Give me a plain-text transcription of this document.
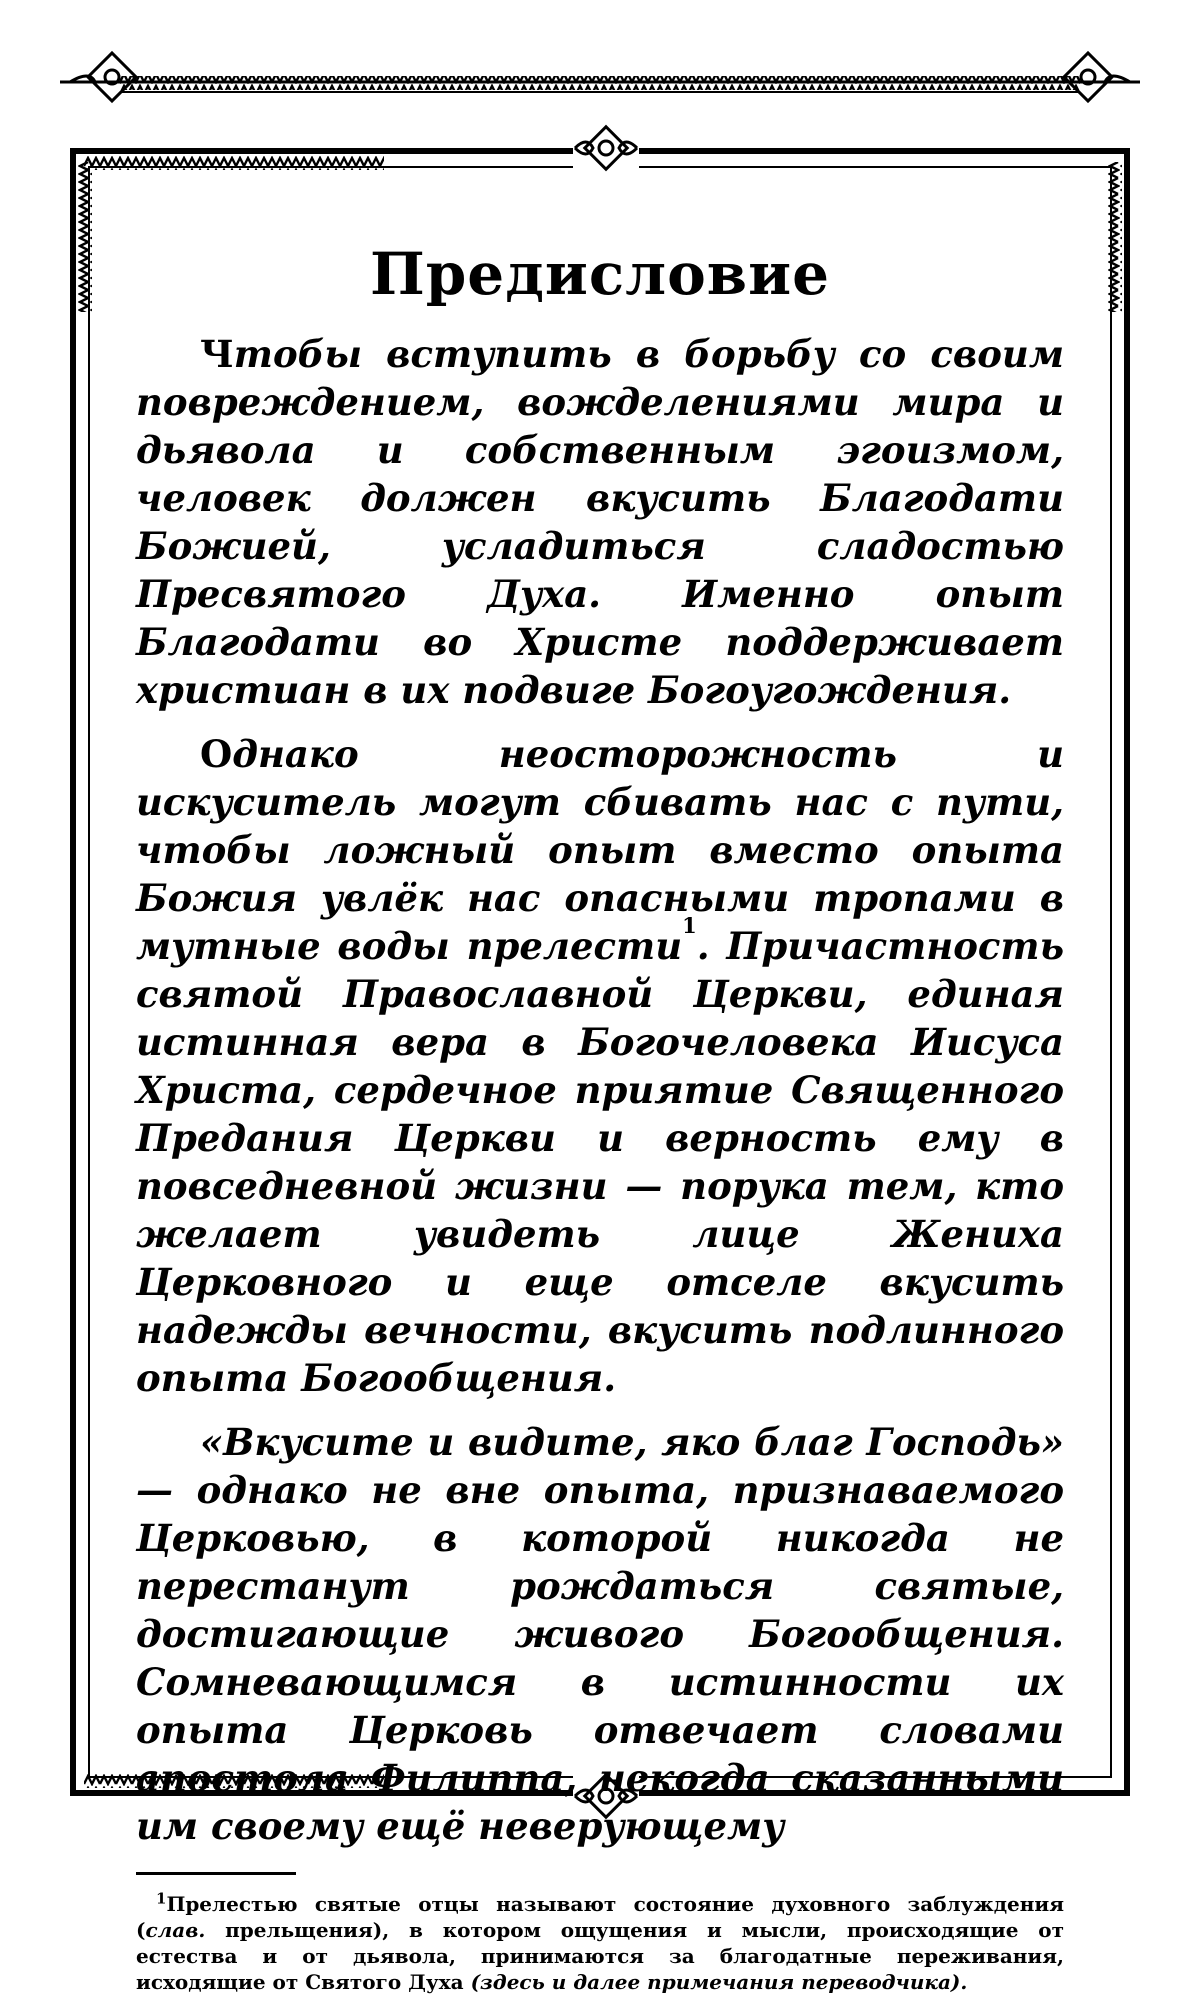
Предисловие

Чтобы вступить в борьбу со своим повреждением, вожделениями мира и дьявола и собственным эгоизмом, человек должен вкусить Благодати Божией, усладиться сладостью Пресвятого Духа. Именно опыт Благодати во Христе поддерживает христиан в их подвиге Богоугождения.

Однако неосторожность и искуситель могут сбивать нас с пути, чтобы ложный опыт вместо опыта Божия увлёк нас опасными тропами в мутные воды прелести$^1$. Причастность святой Православной Церкви, единая истинная вера в Богочеловека Иисуса Христа, сердечное приятие Священного Предания Церкви и верность ему в повседневной жизни — порука тем, кто желает увидеть лице Жениха Церковного и еще отселе вкусить надежды вечности, вкусить подлинного опыта Богообщения.

«Вкусите и видите, яко благ Господь» — однако не вне опыта, признаваемого Церковью, в которой никогда не перестанут рождаться святые, достигающие живого Богообщения. Сомневающимся в истинности их опыта Церковь отвечает словами апостола Филиппа, некогда сказанными им своему ещё неверующему

$^1$Прелестью святые отцы называют состояние духовного заблуждения (слав. прельщения), в котором ощущения и мысли, происходящие от естества и от дьявола, принимаются за благодатные переживания, исходящие от Святого Духа (здесь и далее примечания переводчика).
